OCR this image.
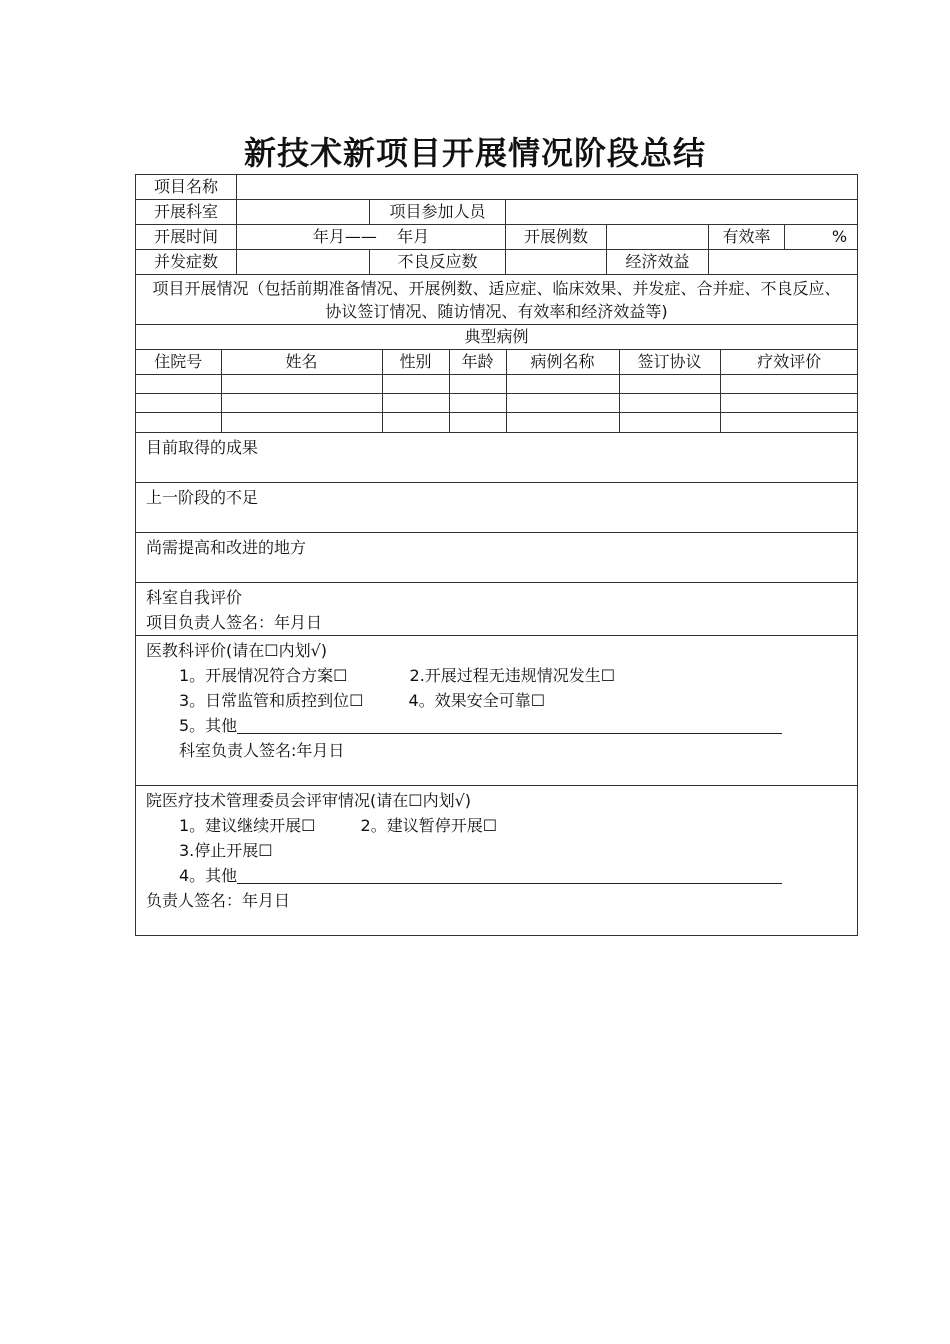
新技术新项目开展情况阶段总结
项目名称	
开展科室		项目参加人员	
开展时间	年月——    年月	开展例数		有效率	%
并发症数		不良反应数		经济效益	
项目开展情况（包括前期准备情况、开展例数、适应症、临床效果、并发症、合并症、不良反应、协议签订情况、随访情况、有效率和经济效益等)
典型病例

住院号	姓名	性别	年龄	病例名称	签订协议	疗效评价

目前取得的成果

上一阶段的不足

尚需提高和改进的地方

科室自我评价
项目负责人签名：年月日

医教科评价(请在☐内划√)
1。开展情况符合方案☐	2.开展过程无违规情况发生☐
3。日常监管和质控到位☐	4。效果安全可靠☐
5。其他
科室负责人签名:年月日

院医疗技术管理委员会评审情况(请在☐内划√)
1。建议继续开展☐	2。建议暂停开展☐
3.停止开展☐
4。其他
负责人签名：年月日
